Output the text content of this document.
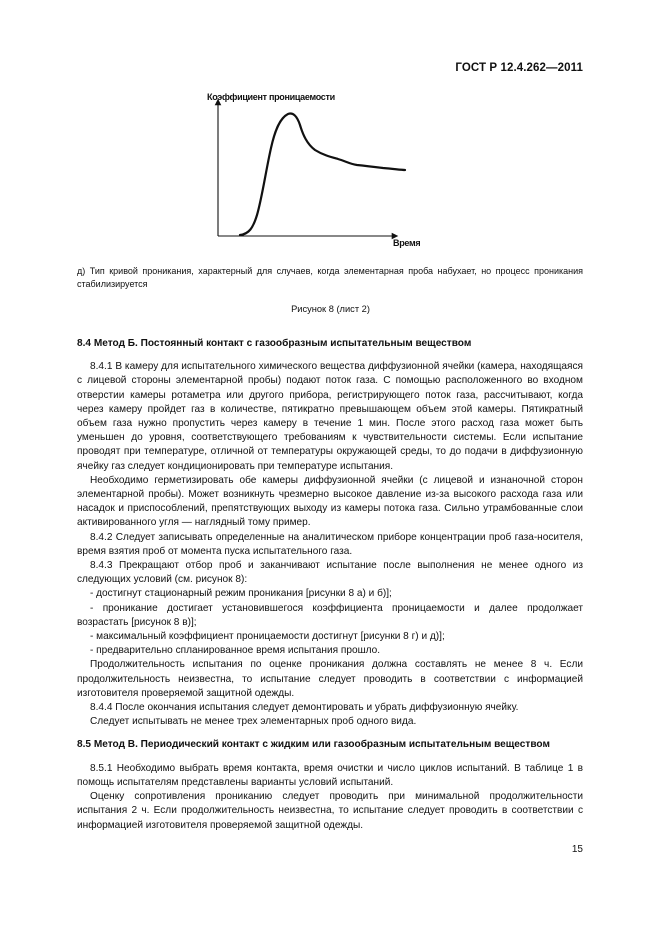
ГОСТ Р 12.4.262—2011
Коэффициент проницаемости
Время
д) Тип кривой проникания, характерный для случаев, когда элементарная проба набухает, но процесс проникания стабилизируется
Рисунок 8 (лист 2)
8.4 Метод Б. Постоянный контакт с газообразным испытательным веществом

8.4.1 В камеру для испытательного химического вещества диффузионной ячейки (камера, находящаяся с лицевой стороны элементарной пробы) подают поток газа. С помощью расположенного во входном отверстии камеры ротаметра или другого прибора, регистрирующего поток газа, рассчитывают, когда через камеру пройдет газ в количестве, пятикратно превышающем объем этой камеры. Пятикратный объем газа нужно пропустить через камеру в течение 1 мин. После этого расход газа может быть уменьшен до уровня, соответствующего требованиям к чувствительности системы. Если испытание проводят при температуре, отличной от температуры окружающей среды, то до подачи в диффузионную ячейку газ следует кондиционировать при температуре испытания.

Необходимо герметизировать обе камеры диффузионной ячейки (с лицевой и изнаночной сторон элементарной пробы). Может возникнуть чрезмерно высокое давление из-за высокого расхода газа или насадок и приспособлений, препятствующих выходу из камеры потока газа. Сильно утрамбованные слои активированного угля — наглядный тому пример.

8.4.2 Следует записывать определенные на аналитическом приборе концентрации проб газа-носителя, время взятия проб от момента пуска испытательного газа.

8.4.3 Прекращают отбор проб и заканчивают испытание после выполнения не менее одного из следующих условий (см. рисунок 8):

- достигнут стационарный режим проникания [рисунки 8 а) и б)];

- проникание достигает установившегося коэффициента проницаемости и далее продолжает возрастать [рисунок 8 в)];

- максимальный коэффициент проницаемости достигнут [рисунки 8 г) и д)];

- предварительно спланированное время испытания прошло.

Продолжительность испытания по оценке проникания должна составлять не менее 8 ч. Если продолжительность неизвестна, то испытание следует проводить в соответствии с информацией изготовителя проверяемой защитной одежды.

8.4.4 После окончания испытания следует демонтировать и убрать диффузионную ячейку.

Следует испытывать не менее трех элементарных проб одного вида.

8.5 Метод В. Периодический контакт с жидким или газообразным испытательным веществом

8.5.1 Необходимо выбрать время контакта, время очистки и число циклов испытаний. В таблице 1 в помощь испытателям представлены варианты условий испытаний.

Оценку сопротивления прониканию следует проводить при минимальной продолжительности испытания 2 ч. Если продолжительность неизвестна, то испытание следует проводить в соответствии с информацией изготовителя проверяемой защитной одежды.

15
